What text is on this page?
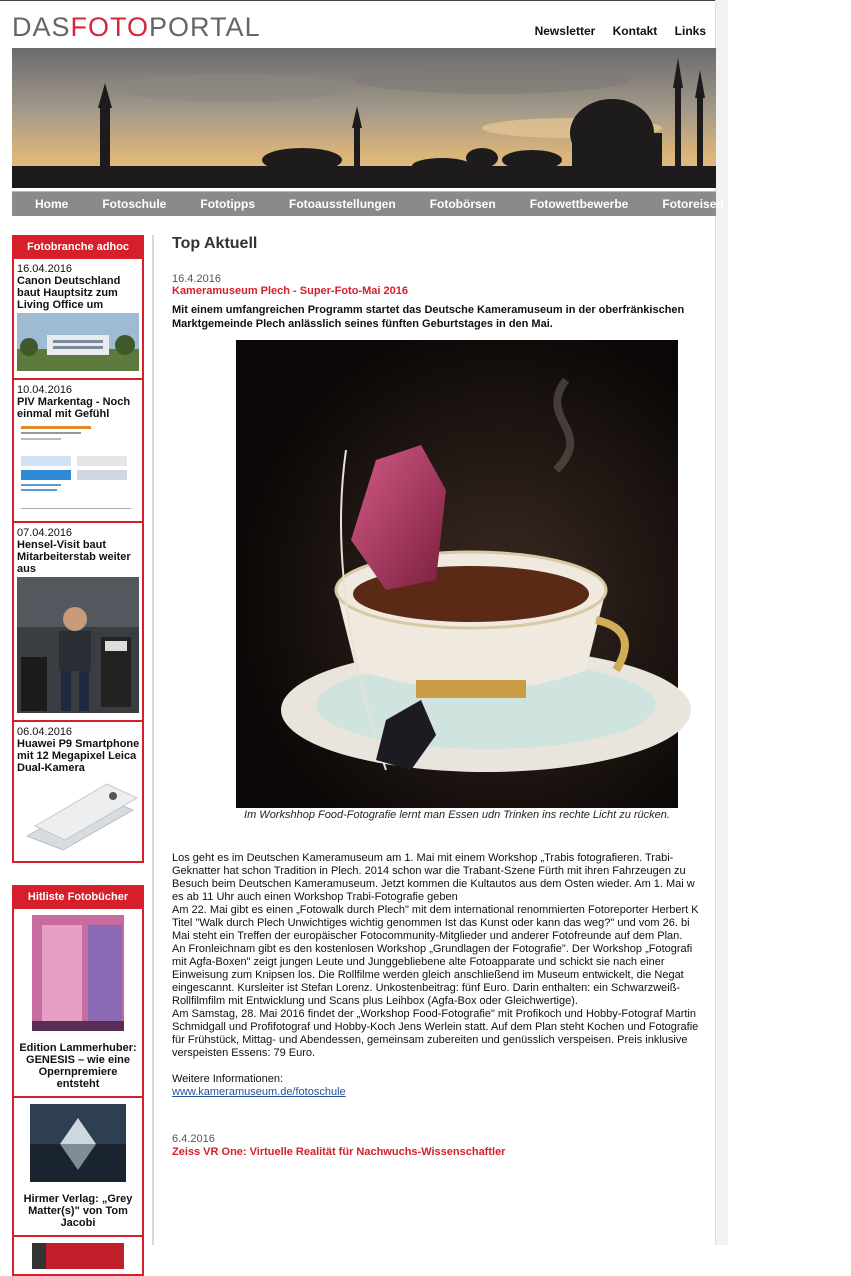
DASFOTOPORTAL	Newsletter Kontakt Links
Home	Fotoschule	Fototipps	Fotoausstellungen	Fotobörsen	Fotowettbewerbe	Fotoreisen	Fotoworkshop
Fotobranche adhoc
16.04.2016
Canon Deutschland baut Hauptsitz zum Living Office um
10.04.2016
PIV Markentag - Noch einmal mit Gefühl
07.04.2016
Hensel-Visit baut Mitarbeiterstab weiter aus
06.04.2016
Huawei P9 Smartphone mit 12 Megapixel Leica Dual-Kamera
Hitliste Fotobücher
Edition Lammerhuber: GENESIS – wie eine Opernpremiere entsteht
Hirmer Verlag: „Grey Matter(s)" von Tom Jacobi
Top Aktuell
16.4.2016
Kameramuseum Plech - Super-Foto-Mai 2016
Mit einem umfangreichen Programm startet das Deutsche Kameramuseum in der oberfränkischen Marktgemeinde Plech anlässlich seines fünften Geburtstages in den Mai.
Im Workshhop Food-Fotografie lernt man Essen udn Trinken ins rechte Licht zu rücken.

Los geht es im Deutschen Kameramuseum am 1. Mai mit einem Workshop „Trabis fotografieren. Trabi-

Geknatter hat schon Tradition in Plech. 2014 schon war die Trabant-Szene Fürth mit ihren Fahrzeugen zu

Besuch beim Deutschen Kameramuseum. Jetzt kommen die Kultautos aus dem Osten wieder. Am 1. Mai w

es ab 11 Uhr auch einen Workshop Trabi-Fotografie geben

Am 22. Mai gibt es einen „Fotowalk durch Plech" mit dem international renommierten Fotoreporter Herbert K

Titel "Walk durch Plech Unwichtiges wichtig genommen Ist das Kunst oder kann das weg?" und vom 26. bi

Mai steht ein Treffen der europäischer Fotocommunity-Mitglieder und anderer Fotofreunde auf dem Plan.

An Fronleichnam gibt es den kostenlosen Workshop „Grundlagen der Fotografie". Der Workshop „Fotografi

mit Agfa-Boxen" zeigt jungen Leute und Junggebliebene alte Fotoapparate und schickt sie nach einer

Einweisung zum Knipsen los. Die Rollfilme werden gleich anschließend im Museum entwickelt, die Negat

eingescannt. Kursleiter ist Stefan Lorenz. Unkostenbeitrag: fünf Euro. Darin enthalten: ein Schwarzweiß-

Rollfilmfilm mit Entwicklung und Scans plus Leihbox (Agfa-Box oder Gleichwertige).

Am Samstag, 28. Mai 2016 findet der „Workshop Food-Fotografie" mit Profikoch und Hobby-Fotograf Martin

Schmidgall und Profifotograf und Hobby-Koch Jens Werlein statt. Auf dem Plan steht Kochen und Fotografie

für Frühstück, Mittag- und Abendessen, gemeinsam zubereiten und genüsslich verspeisen. Preis inklusive

verspeisten Essens: 79 Euro.

Weitere Informationen:

www.kameramuseum.de/fotoschule

6.4.2016
Zeiss VR One: Virtuelle Realität für Nachwuchs-Wissenschaftler
